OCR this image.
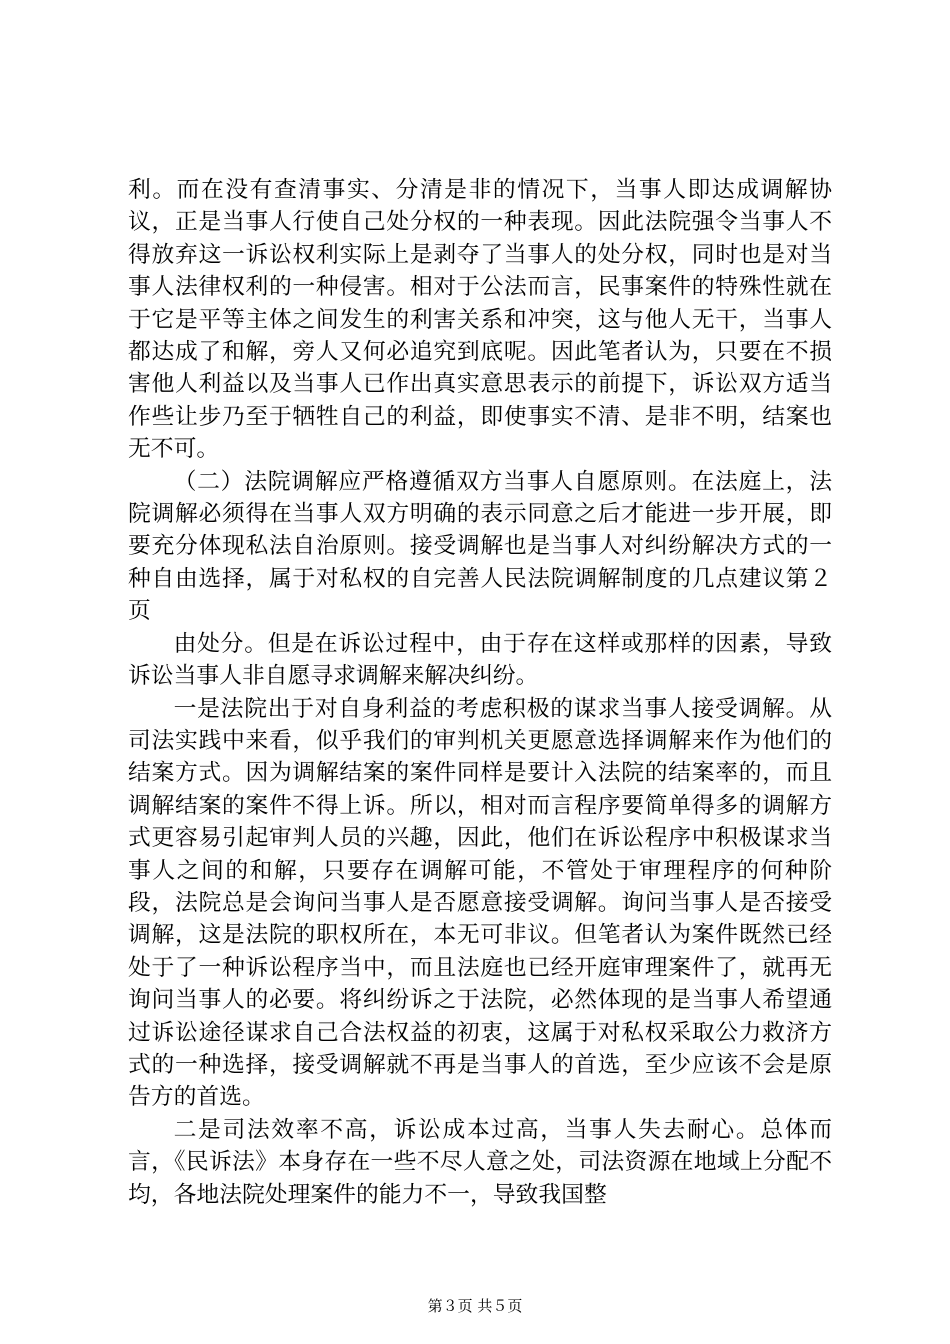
利。而在没有查清事实、分清是非的情况下，当事人即达成调解协议，正是当事人行使自己处分权的一种表现。因此法院强令当事人不得放弃这一诉讼权利实际上是剥夺了当事人的处分权，同时也是对当事人法律权利的一种侵害。相对于公法而言，民事案件的特殊性就在于它是平等主体之间发生的利害关系和冲突，这与他人无干，当事人都达成了和解，旁人又何必追究到底呢。因此笔者认为，只要在不损害他人利益以及当事人已作出真实意思表示的前提下，诉讼双方适当作些让步乃至于牺牲自己的利益，即使事实不清、是非不明，结案也无不可。

（二）法院调解应严格遵循双方当事人自愿原则。在法庭上，法院调解必须得在当事人双方明确的表示同意之后才能进一步开展，即要充分体现私法自治原则。接受调解也是当事人对纠纷解决方式的一种自由选择，属于对私权的自完善人民法院调解制度的几点建议第２页

由处分。但是在诉讼过程中，由于存在这样或那样的因素，导致诉讼当事人非自愿寻求调解来解决纠纷。

一是法院出于对自身利益的考虑积极的谋求当事人接受调解。从司法实践中来看，似乎我们的审判机关更愿意选择调解来作为他们的结案方式。因为调解结案的案件同样是要计入法院的结案率的，而且调解结案的案件不得上诉。所以，相对而言程序要简单得多的调解方式更容易引起审判人员的兴趣，因此，他们在诉讼程序中积极谋求当事人之间的和解，只要存在调解可能，不管处于审理程序的何种阶段，法院总是会询问当事人是否愿意接受调解。询问当事人是否接受调解，这是法院的职权所在，本无可非议。但笔者认为案件既然已经处于了一种诉讼程序当中，而且法庭也已经开庭审理案件了，就再无询问当事人的必要。将纠纷诉之于法院，必然体现的是当事人希望通过诉讼途径谋求自己合法权益的初衷，这属于对私权采取公力救济方式的一种选择，接受调解就不再是当事人的首选，至少应该不会是原告方的首选。

二是司法效率不高，诉讼成本过高，当事人失去耐心。总体而言，《民诉法》本身存在一些不尽人意之处，司法资源在地域上分配不均，各地法院处理案件的能力不一，导致我国整

第３页 共５页
